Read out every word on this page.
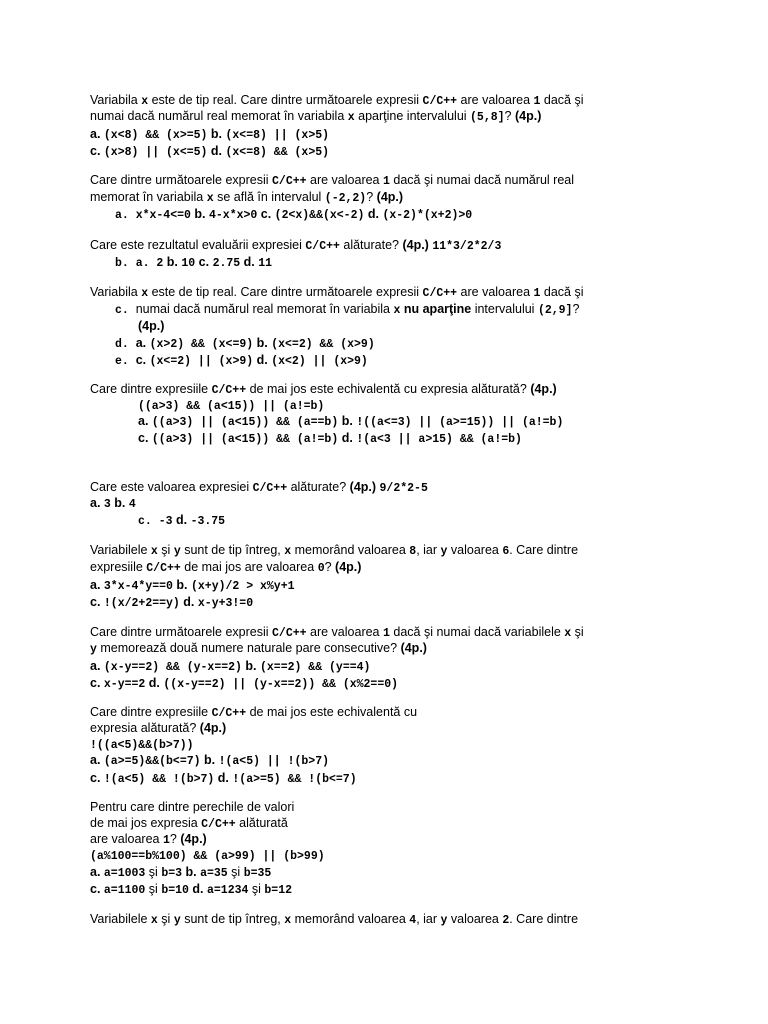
Variabila x este de tip real. Care dintre următoarele expresii C/C++ are valoarea 1 dacă şi
numai dacă numărul real memorat în variabila x aparţine intervalului (5,8]? (4p.)
a. (x<8) && (x>=5) b. (x<=8) || (x>5)
c. (x>8) || (x<=5) d. (x<=8) && (x>5)
Care dintre următoarele expresii C/C++ are valoarea 1 dacă şi numai dacă numărul real
memorat în variabila x se află în intervalul (-2,2)? (4p.)
a. x*x-4<=0 b. 4-x*x>0 c. (2<x)&&(x<-2) d. (x-2)*(x+2)>0
Care este rezultatul evaluării expresiei C/C++ alăturate? (4p.) 11*3/2*2/3
b. a. 2 b. 10 c. 2.75 d. 11
Variabila x este de tip real. Care dintre următoarele expresii C/C++ are valoarea 1 dacă şi
c. numai dacă numărul real memorat în variabila x nu aparţine intervalului (2,9]?
(4p.)
d. a. (x>2) && (x<=9) b. (x<=2) && (x>9)
e. c. (x<=2) || (x>9) d. (x<2) || (x>9)
Care dintre expresiile C/C++ de mai jos este echivalentă cu expresia alăturată? (4p.)
((a>3) && (a<15)) || (a!=b)
a. ((a>3) || (a<15)) && (a==b) b. !((a<=3) || (a>=15)) || (a!=b)
c. ((a>3) || (a<15)) && (a!=b) d. !(a<3 || a>15) && (a!=b)
Care este valoarea expresiei C/C++ alăturate? (4p.) 9/2*2-5
a. 3 b. 4
c. -3 d. -3.75
Variabilele x şi y sunt de tip întreg, x memorând valoarea 8, iar y valoarea 6. Care dintre
expresiile C/C++ de mai jos are valoarea 0? (4p.)
a. 3*x-4*y==0 b. (x+y)/2 > x%y+1
c. !(x/2+2==y) d. x-y+3!=0
Care dintre următoarele expresii C/C++ are valoarea 1 dacă şi numai dacă variabilele x şi
y memorează două numere naturale pare consecutive? (4p.)
a. (x-y==2) && (y-x==2) b. (x==2) && (y==4)
c. x-y==2 d. ((x-y==2) || (y-x==2)) && (x%2==0)
Care dintre expresiile C/C++ de mai jos este echivalentă cu
expresia alăturată? (4p.)
!((a<5)&&(b>7))
a. (a>=5)&&(b<=7) b. !(a<5) || !(b>7)
c. !(a<5) && !(b>7) d. !(a>=5) && !(b<=7)
Pentru care dintre perechile de valori
de mai jos expresia C/C++ alăturată
are valoarea 1? (4p.)
(a%100==b%100) && (a>99) || (b>99)
a. a=1003 şi b=3 b. a=35 şi b=35
c. a=1100 şi b=10 d. a=1234 şi b=12
Variabilele x şi y sunt de tip întreg, x memorând valoarea 4, iar y valoarea 2. Care dintre
